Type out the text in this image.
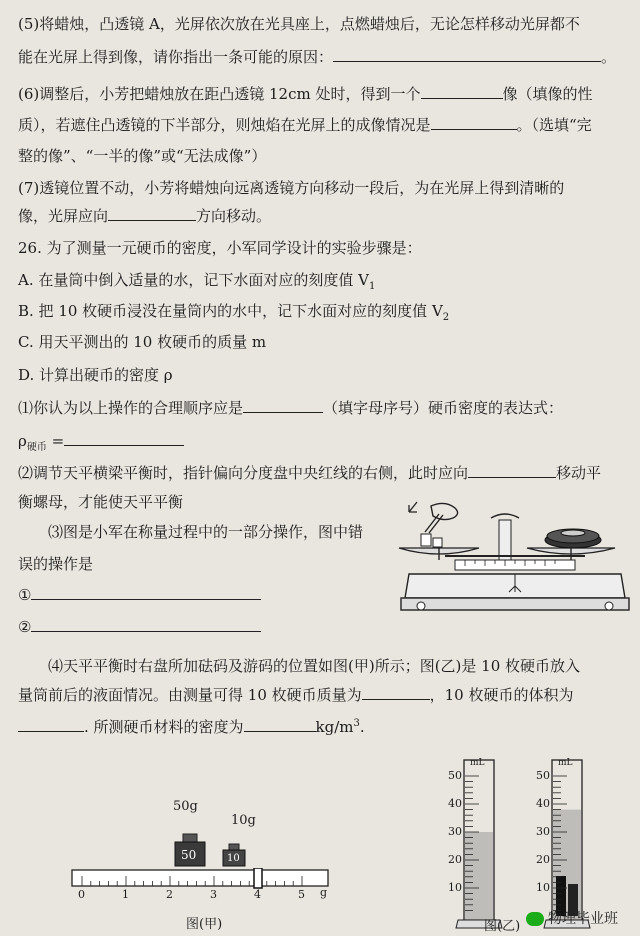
(5)将蜡烛，凸透镜 A，光屏依次放在光具座上，点燃蜡烛后，无论怎样移动光屏都不
能在光屏上得到像，请你指出一条可能的原因：	。
(6)调整后，小芳把蜡烛放在距凸透镜 12cm 处时，得到一个	像（填像的性
质），若遮住凸透镜的下半部分，则烛焰在光屏上的成像情况是	。（选填“完
整的像”、“一半的像”或“无法成像”）
(7)透镜位置不动，小芳将蜡烛向远离透镜方向移动一段后，为在光屏上得到清晰的
像，光屏应向	方向移动。
26. 为了测量一元硬币的密度，小军同学设计的实验步骤是：
A. 在量筒中倒入适量的水，记下水面对应的刻度值 $V_1$
B. 把 10 枚硬币浸没在量筒内的水中，记下水面对应的刻度值 $V_2$
C. 用天平测出的 10 枚硬币的质量 m
D. 计算出硬币的密度 ρ
⑴你认为以上操作的合理顺序应是	（填字母序号）硬币密度的表达式：
$\rho_{硬币}$ =
⑵调节天平横梁平衡时，指针偏向分度盘中央红线的右侧，此时应向	移动平
衡螺母，才能使天平平衡
⑶图是小军在称量过程中的一部分操作，图中错
误的操作是
①
②
⑷天平平衡时右盘所加砝码及游码的位置如图(甲)所示；图(乙)是 10 枚硬币放入
量筒前后的液面情况。由测量可得 10 枚硬币质量为	，10 枚硬币的体积为
. 所测硬币材料的密度为	$kg/m^3$.
50g
10g
50	10
0	1	2	3	4	5 g
图(甲)
mL	mL
50
40
30
20
10
50
40
30
20
10
图(乙)	物理毕业班
